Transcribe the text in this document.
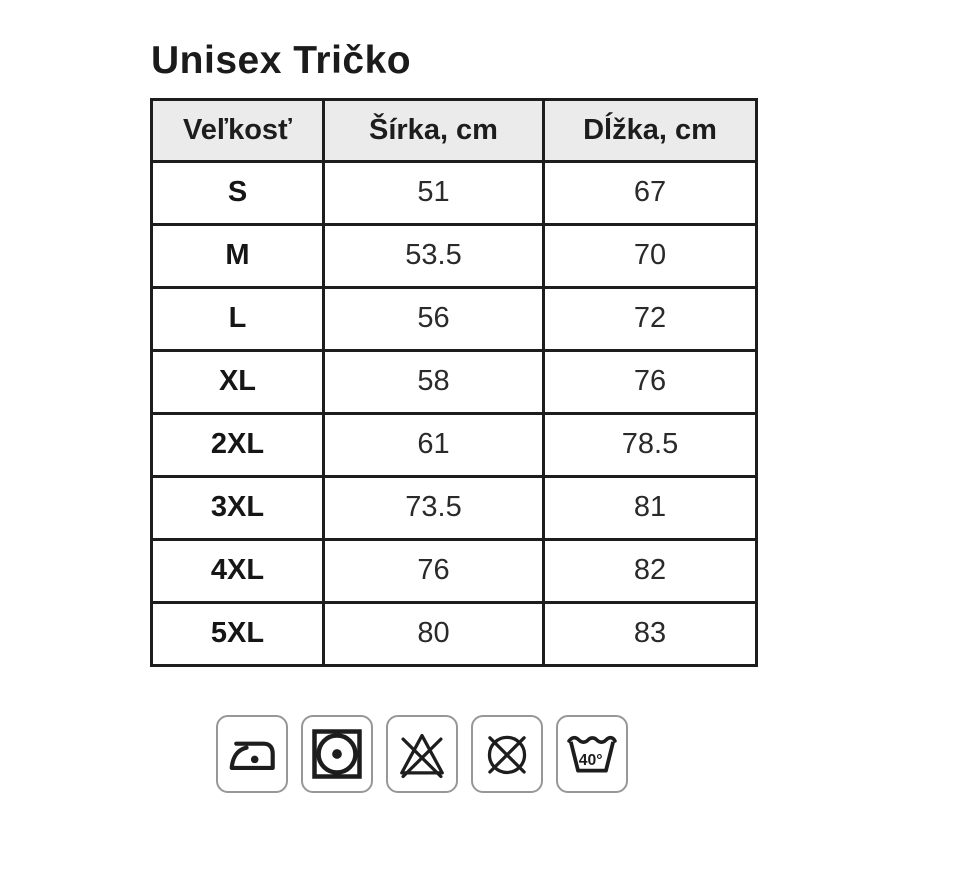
Unisex Tričko
Veľkosť	Šírka, cm	Dĺžka, cm
S	51	67
M	53.5	70
L	56	72
XL	58	76
2XL	61	78.5
3XL	73.5	81
4XL	76	82
5XL	80	83
40°
